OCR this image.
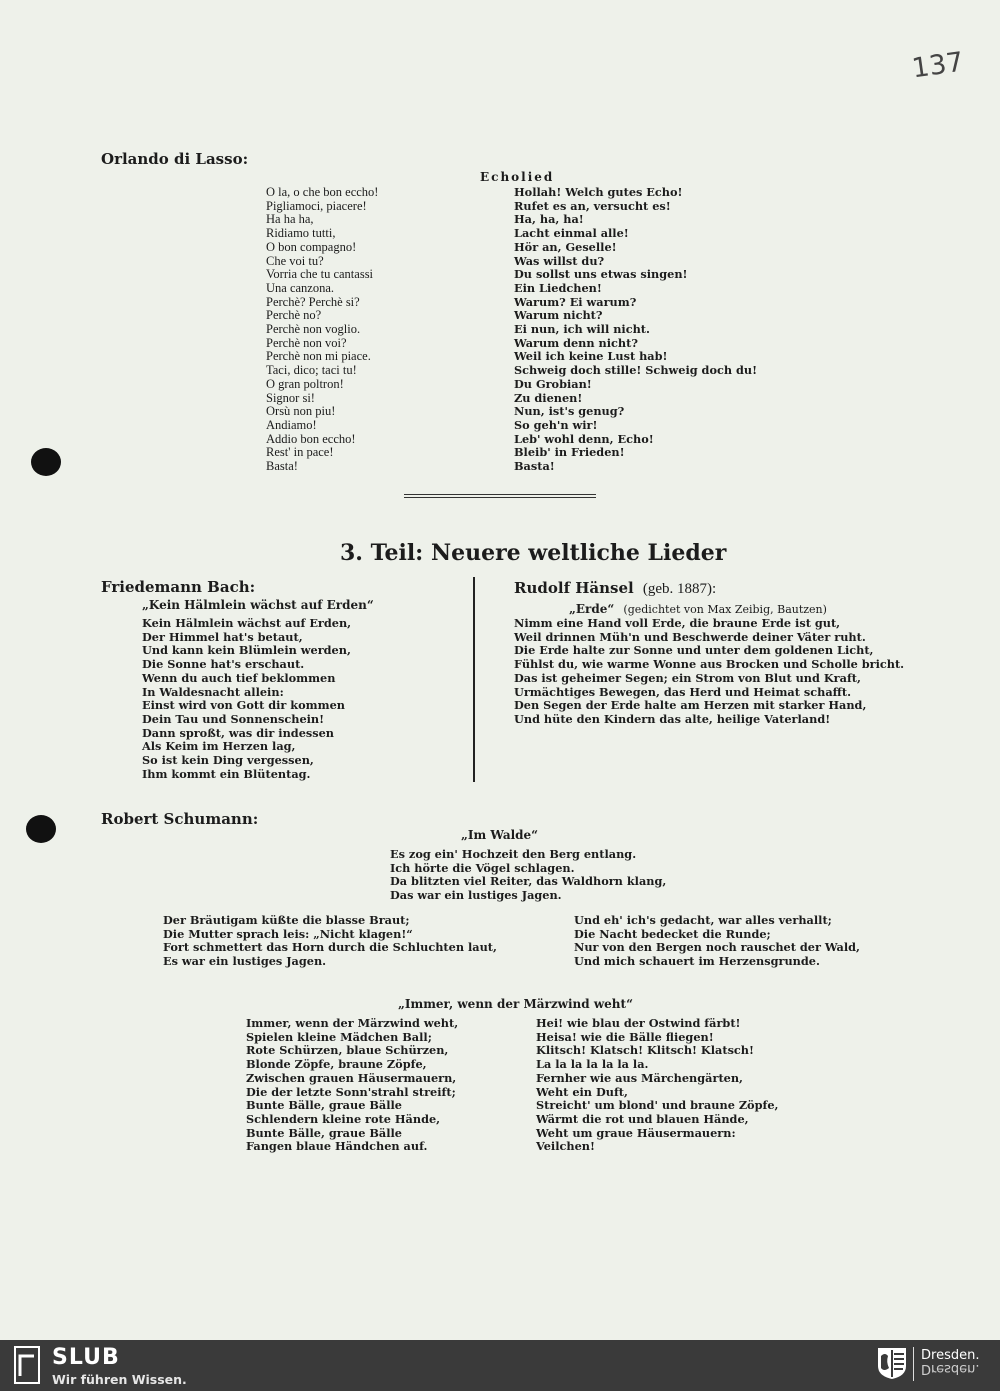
137
Orlando di Lasso:
Echolied
O la, o che bon eccho!
Pigliamoci, piacere!
Ha ha ha,
Ridiamo tutti,
O bon compagno!
Che voi tu?
Vorria che tu cantassi
Una canzona.
Perchè? Perchè si?
Perchè no?
Perchè non voglio.
Perchè non voi?
Perchè non mi piace.
Taci, dico; taci tu!
O gran poltron!
Signor si!
Orsù non piu!
Andiamo!
Addio bon eccho!
Rest' in pace!
Basta!
Hollah! Welch gutes Echo!
Rufet es an, versucht es!
Ha, ha, ha!
Lacht einmal alle!
Hör an, Geselle!
Was willst du?
Du sollst uns etwas singen!
Ein Liedchen!
Warum? Ei warum?
Warum nicht?
Ei nun, ich will nicht.
Warum denn nicht?
Weil ich keine Lust hab!
Schweig doch stille! Schweig doch du!
Du Grobian!
Zu dienen!
Nun, ist's genug?
So geh'n wir!
Leb' wohl denn, Echo!
Bleib' in Frieden!
Basta!
3. Teil: Neuere weltliche Lieder
Friedemann Bach:
„Kein Hälmlein wächst auf Erden“
Kein Hälmlein wächst auf Erden,
Der Himmel hat's betaut,
Und kann kein Blümlein werden,
Die Sonne hat's erschaut.
Wenn du auch tief beklommen
In Waldesnacht allein:
Einst wird von Gott dir kommen
Dein Tau und Sonnenschein!
Dann sproßt, was dir indessen
Als Keim im Herzen lag,
So ist kein Ding vergessen,
Ihm kommt ein Blütentag.
Rudolf Hänsel (geb. 1887):
„Erde“ (gedichtet von Max Zeibig, Bautzen)
Nimm eine Hand voll Erde, die braune Erde ist gut,
Weil drinnen Müh'n und Beschwerde deiner Väter ruht.
Die Erde halte zur Sonne und unter dem goldenen Licht,
Fühlst du, wie warme Wonne aus Brocken und Scholle bricht.
Das ist geheimer Segen; ein Strom von Blut und Kraft,
Urmächtiges Bewegen, das Herd und Heimat schafft.
Den Segen der Erde halte am Herzen mit starker Hand,
Und hüte den Kindern das alte, heilige Vaterland!
Robert Schumann:
„Im Walde“
Es zog ein' Hochzeit den Berg entlang.
Ich hörte die Vögel schlagen.
Da blitzten viel Reiter, das Waldhorn klang,
Das war ein lustiges Jagen.
Der Bräutigam küßte die blasse Braut;
Die Mutter sprach leis: „Nicht klagen!“
Fort schmettert das Horn durch die Schluchten laut,
Es war ein lustiges Jagen.
Und eh' ich's gedacht, war alles verhallt;
Die Nacht bedecket die Runde;
Nur von den Bergen noch rauschet der Wald,
Und mich schauert im Herzensgrunde.
„Immer, wenn der Märzwind weht“
Immer, wenn der Märzwind weht,
Spielen kleine Mädchen Ball;
Rote Schürzen, blaue Schürzen,
Blonde Zöpfe, braune Zöpfe,
Zwischen grauen Häusermauern,
Die der letzte Sonn'strahl streift;
Bunte Bälle, graue Bälle
Schlendern kleine rote Hände,
Bunte Bälle, graue Bälle
Fangen blaue Händchen auf.
Hei! wie blau der Ostwind färbt!
Heisa! wie die Bälle fliegen!
Klitsch! Klatsch! Klitsch! Klatsch!
La la la la la la la.
Fernher wie aus Märchengärten,
Weht ein Duft,
Streicht' um blond' und braune Zöpfe,
Wärmt die rot und blauen Hände,
Weht um graue Häusermauern:
Veilchen!
SLUB
Wir führen Wissen.
Dresden.
Dresden.
